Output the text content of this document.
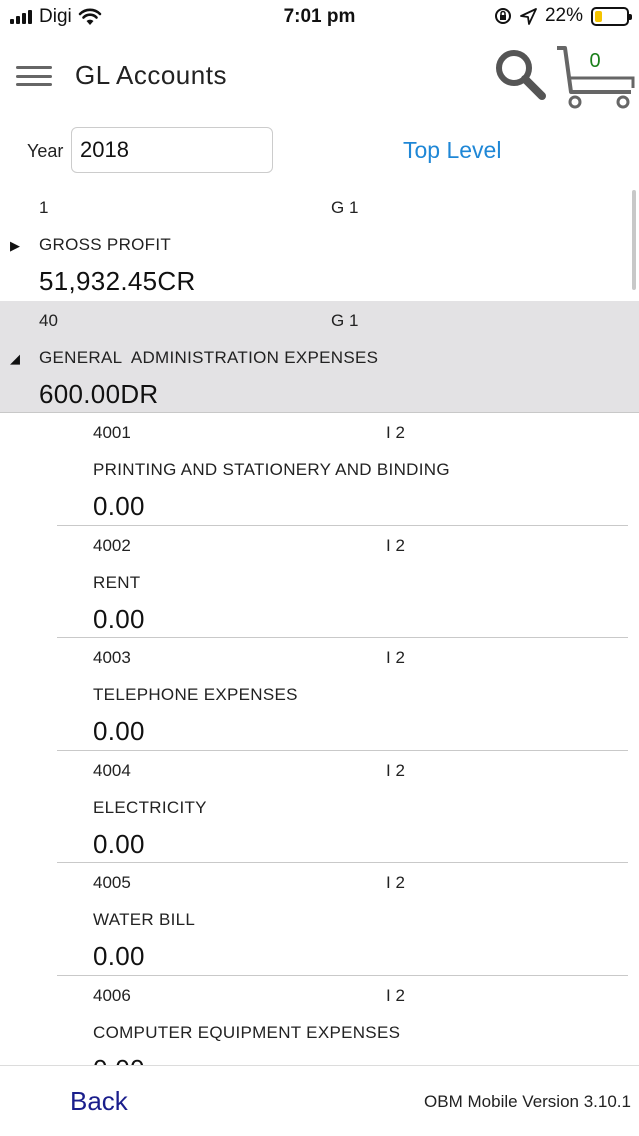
Digi	7:01 pm	22%
GL Accounts	0
Year
2018	Top Level
1	G 1
▶ GROSS PROFIT
51,932.45CR
40	G 1
◢ GENERAL  ADMINISTRATION EXPENSES
600.00DR
4001	I 2
PRINTING AND STATIONERY AND BINDING
0.00
4002	I 2
RENT
0.00
4003	I 2
TELEPHONE EXPENSES
0.00
4004	I 2
ELECTRICITY
0.00
4005	I 2
WATER BILL
0.00
4006	I 2
COMPUTER EQUIPMENT EXPENSES
Back	OBM Mobile Version 3.10.1
